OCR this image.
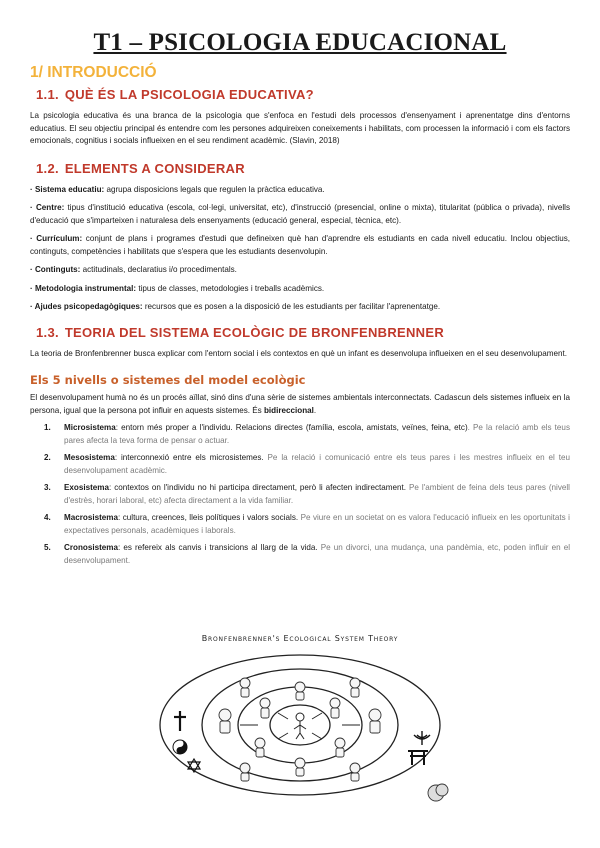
T1 – PSICOLOGIA EDUCACIONAL
1/ INTRODUCCIÓ
1.1. QUÈ ÉS LA PSICOLOGIA EDUCATIVA?

La psicologia educativa és una branca de la psicologia que s'enfoca en l'estudi dels processos d'ensenyament i aprenentatge dins d'entorns educatius. El seu objectiu principal és entendre com les persones adquireixen coneixements i habilitats, com processen la informació i com els factors emocionals, cognitius i socials influeixen en el seu rendiment acadèmic. (Slavin, 2018)

1.2. ELEMENTS A CONSIDERAR
· Sistema educatiu: agrupa disposicions legals que regulen la pràctica educativa.
· Centre: tipus d'institució educativa (escola, col·legi, universitat, etc), d'instrucció (presencial, online o mixta), titularitat (pública o privada), nivells d'educació que s'imparteixen i naturalesa dels ensenyaments (educació general, especial, tècnica, etc).
· Currículum: conjunt de plans i programes d'estudi que defineixen què han d'aprendre els estudiants en cada nivell educatiu. Inclou objectius, continguts, competències i habilitats que s'espera que les estudiants desenvolupin.
· Continguts: actitudinals, declaratius i/o procedimentals.
· Metodologia instrumental: tipus de classes, metodologies i treballs acadèmics.
· Ajudes psicopedagògiques: recursos que es posen a la disposició de les estudiants per facilitar l'aprenentatge.
1.3. TEORIA DEL SISTEMA ECOLÒGIC DE BRONFENBRENNER

La teoria de Bronfenbrenner busca explicar com l'entorn social i els contextos en què un infant es desenvolupa influeixen en el seu desenvolupament.

Els 5 nivells o sistemes del model ecològic

El desenvolupament humà no és un procés aïllat, sinó dins d'una sèrie de sistemes ambientals interconnectats. Cadascun dels sistemes influeix en la persona, igual que la persona pot influir en aquests sistemes. És bidireccional.

1.	Microsistema: entorn més proper a l'individu. Relacions directes (família, escola, amistats, veïnes, feina, etc). Pe la relació amb els teus pares afecta la teva forma de pensar o actuar.
2.	Mesosistema: interconnexió entre els microsistemes. Pe la relació i comunicació entre els teus pares i les mestres influeix en el teu desenvolupament acadèmic.
3.	Exosistema: contextos on l'individu no hi participa directament, però li afecten indirectament. Pe l'ambient de feina dels teus pares (nivell d'estrès, horari laboral, etc) afecta directament a la vida familiar.
4.	Macrosistema: cultura, creences, lleis polítiques i valors socials. Pe viure en un societat on es valora l'educació influeix en les oportunitats i expectatives personals, acadèmiques i laborals.
5.	Cronosistema: es refereix als canvis i transicions al llarg de la vida. Pe un divorci, una mudança, una pandèmia, etc, poden influir en el desenvolupament.
Bronfenbrenner's Ecological System Theory
